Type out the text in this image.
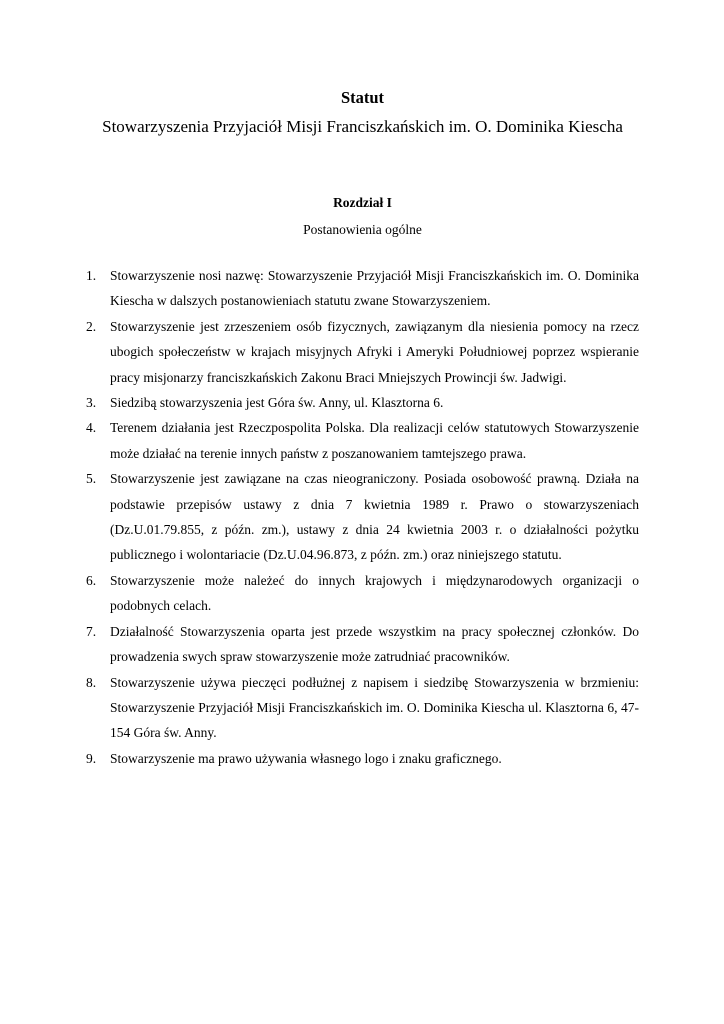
Statut
Stowarzyszenia Przyjaciół Misji Franciszkańskich im. O. Dominika Kiescha
Rozdział I
Postanowienia ogólne
1. Stowarzyszenie nosi nazwę: Stowarzyszenie Przyjaciół Misji Franciszkańskich im. O. Dominika Kiescha w dalszych postanowieniach statutu zwane Stowarzyszeniem.
2. Stowarzyszenie jest zrzeszeniem osób fizycznych, zawiązanym dla niesienia pomocy na rzecz ubogich społeczeństw w krajach misyjnych Afryki i Ameryki Południowej poprzez wspieranie pracy misjonarzy franciszkańskich Zakonu Braci Mniejszych Prowincji św. Jadwigi.
3. Siedzibą stowarzyszenia jest Góra św. Anny, ul. Klasztorna 6.
4. Terenem działania jest Rzeczpospolita Polska. Dla realizacji celów statutowych Stowarzyszenie może działać na terenie innych państw z poszanowaniem tamtejszego prawa.
5. Stowarzyszenie jest zawiązane na czas nieograniczony. Posiada osobowość prawną. Działa na podstawie przepisów ustawy z dnia 7 kwietnia 1989 r. Prawo o stowarzyszeniach (Dz.U.01.79.855, z późn. zm.), ustawy z dnia 24 kwietnia 2003 r. o działalności pożytku publicznego i wolontariacie (Dz.U.04.96.873, z późn. zm.) oraz niniejszego statutu.
6. Stowarzyszenie może należeć do innych krajowych i międzynarodowych organizacji o podobnych celach.
7. Działalność Stowarzyszenia oparta jest przede wszystkim na pracy społecznej członków. Do prowadzenia swych spraw stowarzyszenie może zatrudniać pracowników.
8. Stowarzyszenie używa pieczęci podłużnej z napisem i siedzibę Stowarzyszenia w brzmieniu: Stowarzyszenie Przyjaciół Misji Franciszkańskich im. O. Dominika Kiescha ul. Klasztorna 6, 47-154 Góra św. Anny.
9. Stowarzyszenie ma prawo używania własnego logo i znaku graficznego.
